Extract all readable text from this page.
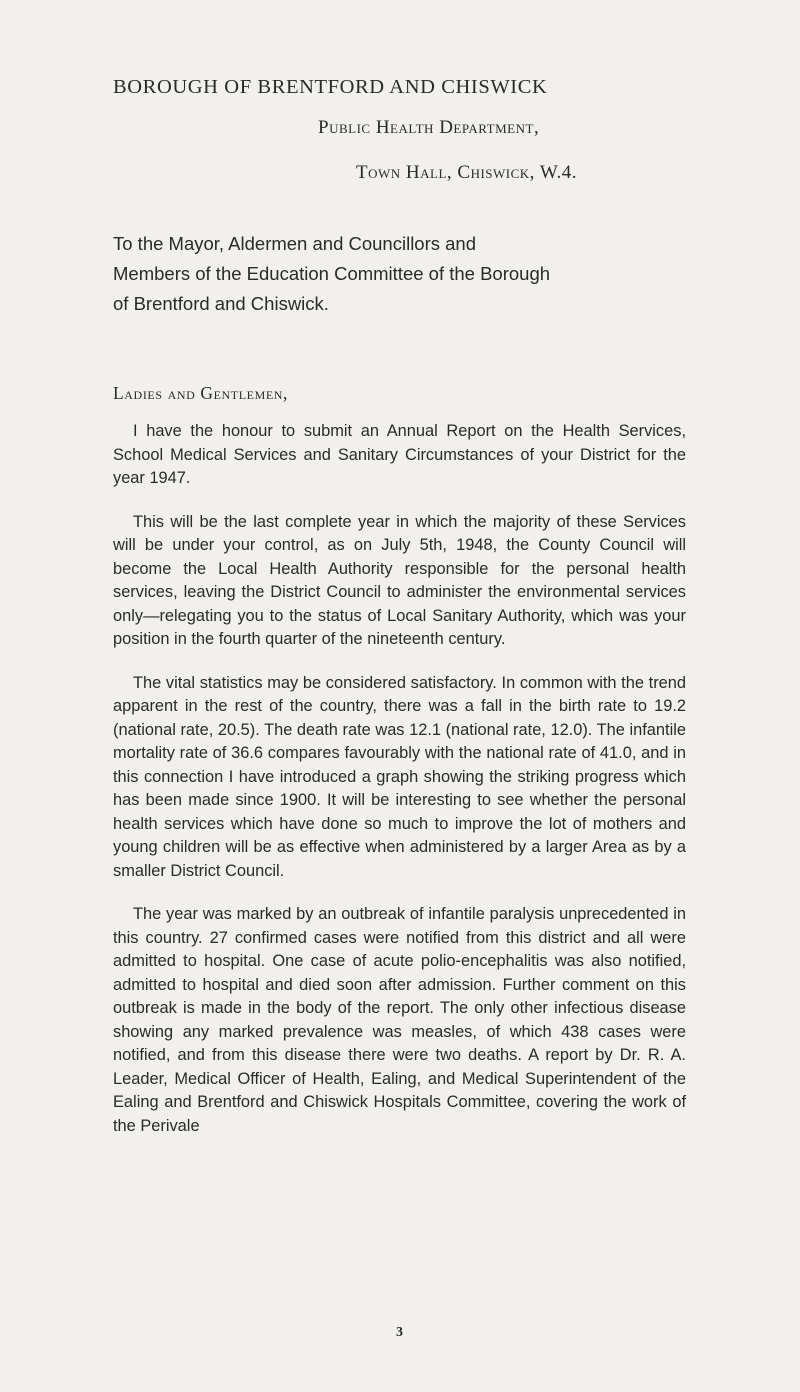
BOROUGH OF BRENTFORD AND CHISWICK
Public Health Department,
Town Hall, Chiswick, W.4.

To the Mayor, Aldermen and Councillors and Members of the Education Committee of the Borough of Brentford and Chiswick.

Ladies and Gentlemen,

I have the honour to submit an Annual Report on the Health Services, School Medical Services and Sanitary Circumstances of your District for the year 1947.

This will be the last complete year in which the majority of these Services will be under your control, as on July 5th, 1948, the County Council will become the Local Health Authority responsible for the personal health services, leaving the District Council to administer the environmental services only—relegating you to the status of Local Sanitary Authority, which was your position in the fourth quarter of the nineteenth century.

The vital statistics may be considered satisfactory. In common with the trend apparent in the rest of the country, there was a fall in the birth rate to 19.2 (national rate, 20.5). The death rate was 12.1 (national rate, 12.0). The infantile mortality rate of 36.6 compares favourably with the national rate of 41.0, and in this connection I have introduced a graph showing the striking progress which has been made since 1900. It will be interesting to see whether the personal health services which have done so much to improve the lot of mothers and young children will be as effective when administered by a larger Area as by a smaller District Council.

The year was marked by an outbreak of infantile paralysis unprecedented in this country. 27 confirmed cases were notified from this district and all were admitted to hospital. One case of acute polio-encephalitis was also notified, admitted to hospital and died soon after admission. Further comment on this outbreak is made in the body of the report. The only other infectious disease showing any marked prevalence was measles, of which 438 cases were notified, and from this disease there were two deaths. A report by Dr. R. A. Leader, Medical Officer of Health, Ealing, and Medical Superintendent of the Ealing and Brentford and Chiswick Hospitals Committee, covering the work of the Perivale

3
